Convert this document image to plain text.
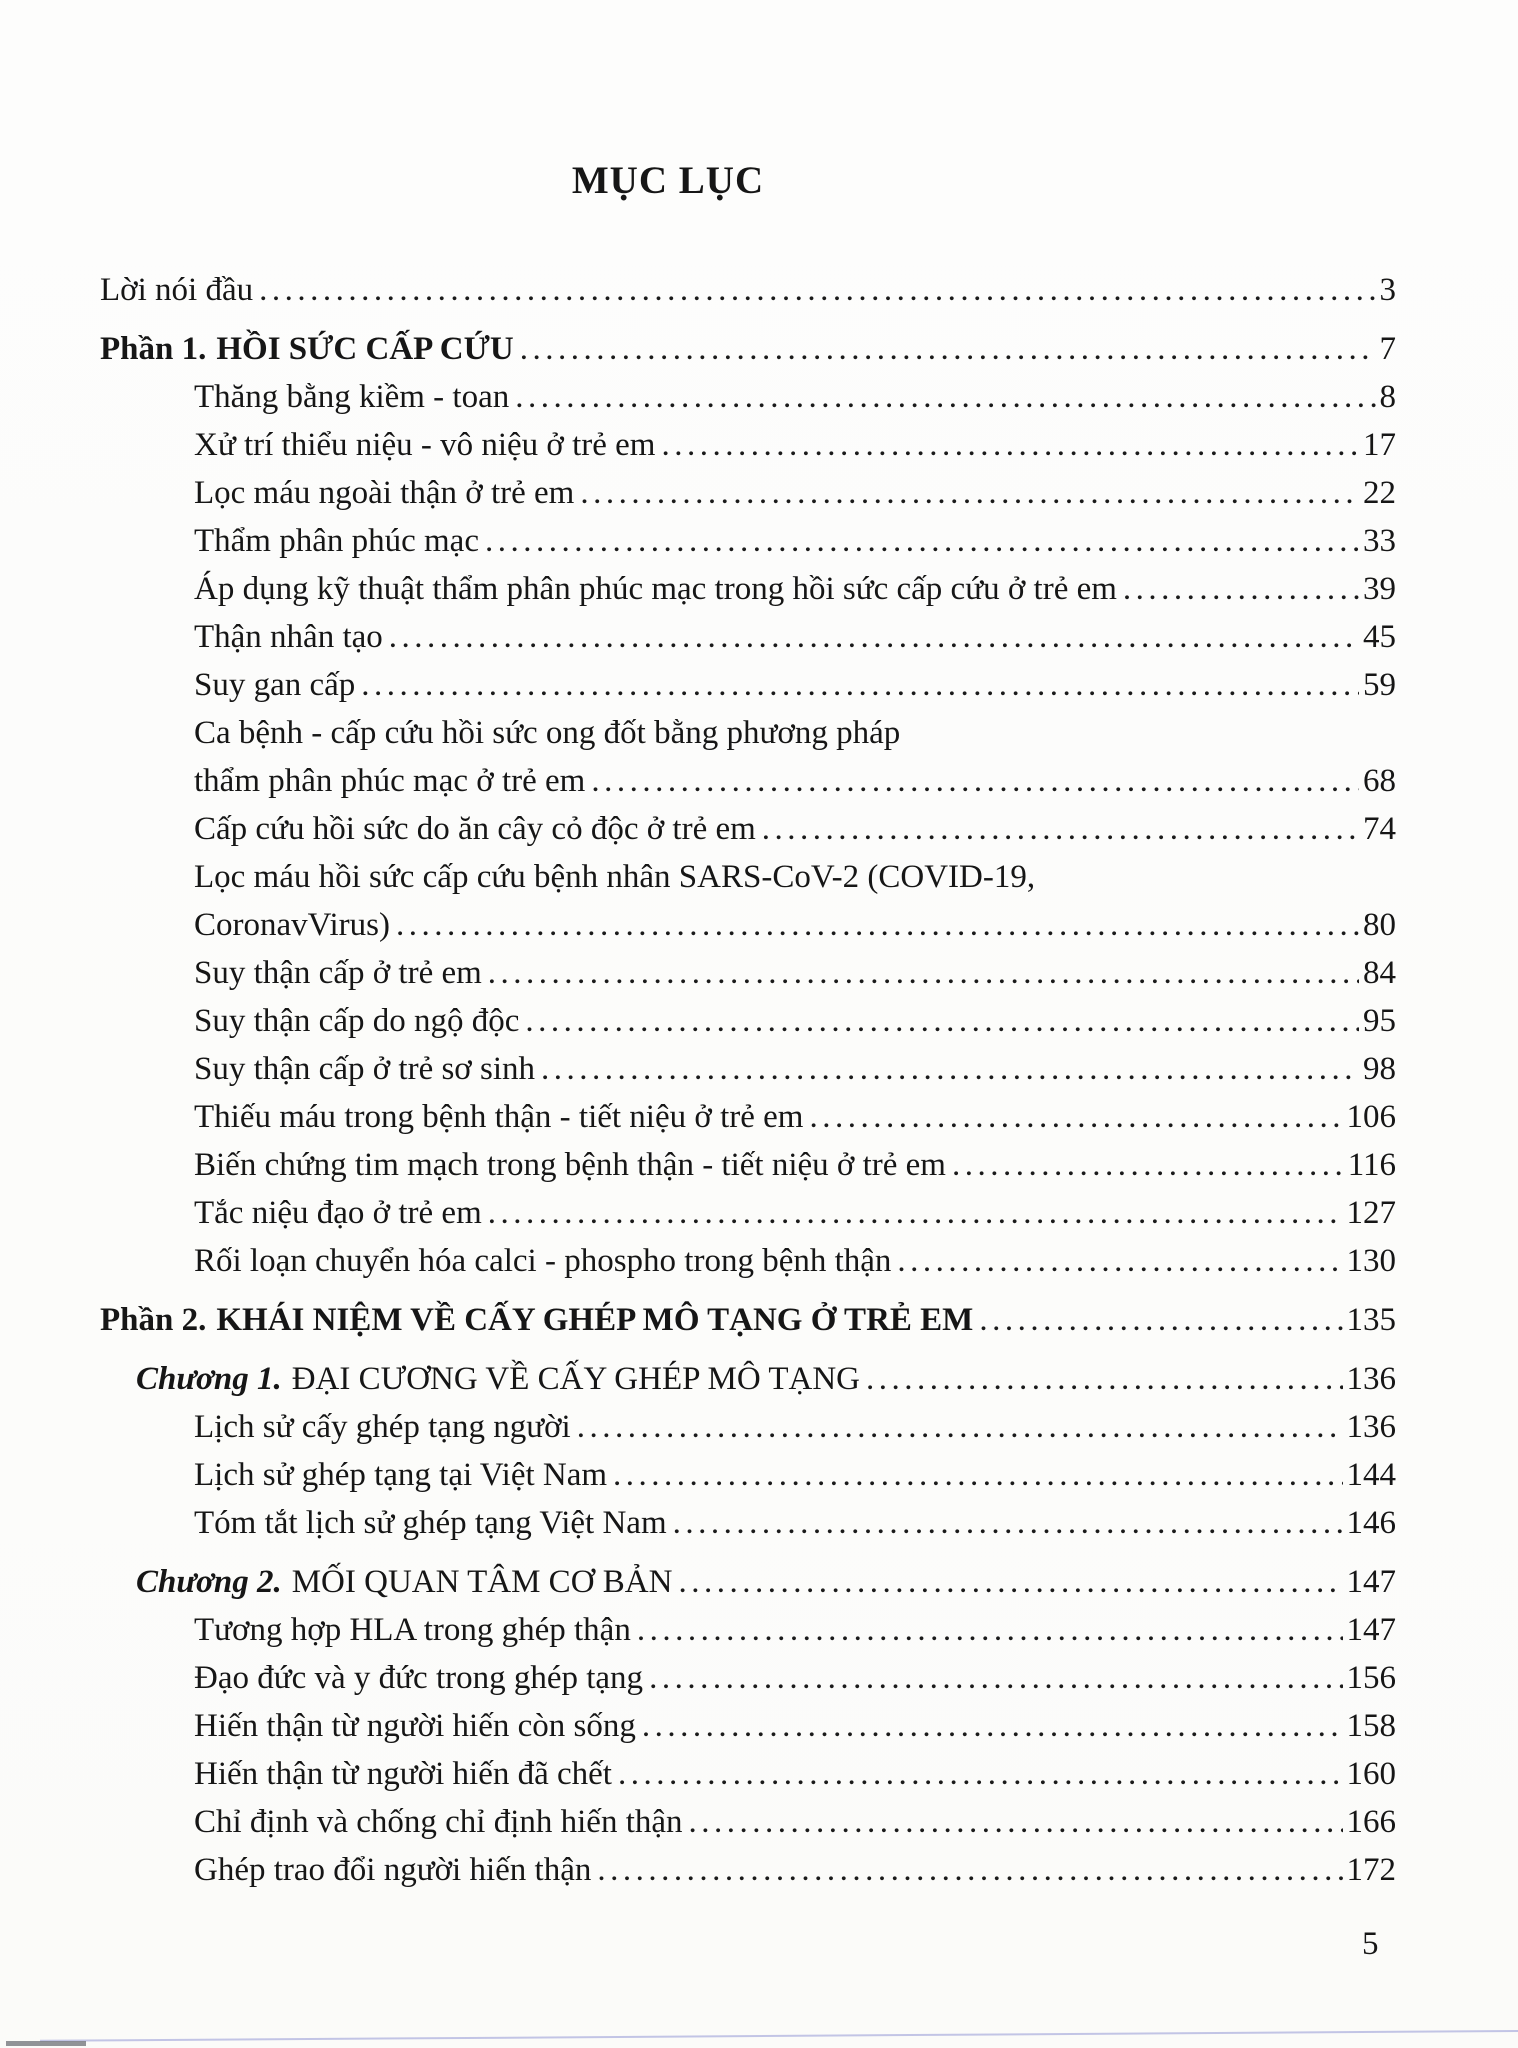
MỤC LỤC
Lời nói đầu .....	3
Phần 1. HỒI SỨC CẤP CỨU .....	7
Thăng bằng kiềm - toan .....	8
Xử trí thiểu niệu - vô niệu ở trẻ em .....	17
Lọc máu ngoài thận ở trẻ em .....	22
Thẩm phân phúc mạc .....	33
Áp dụng kỹ thuật thẩm phân phúc mạc trong hồi sức cấp cứu ở trẻ em .....	39
Thận nhân tạo .....	45
Suy gan cấp .....	59
Ca bệnh - cấp cứu hồi sức ong đốt bằng phương pháp
thẩm phân phúc mạc ở trẻ em .....	68
Cấp cứu hồi sức do ăn cây cỏ độc ở trẻ em .....	74
Lọc máu hồi sức cấp cứu bệnh nhân SARS-CoV-2 (COVID-19,
CoronavVirus) .....	80
Suy thận cấp ở trẻ em .....	84
Suy thận cấp do ngộ độc .....	95
Suy thận cấp ở trẻ sơ sinh .....	98
Thiếu máu trong bệnh thận - tiết niệu ở trẻ em .....	106
Biến chứng tim mạch trong bệnh thận - tiết niệu ở trẻ em .....	116
Tắc niệu đạo ở trẻ em .....	127
Rối loạn chuyển hóa calci - phospho trong bệnh thận .....	130
Phần 2. KHÁI NIỆM VỀ CẤY GHÉP MÔ TẠNG Ở TRẺ EM .....	135
Chương 1. ĐẠI CƯƠNG VỀ CẤY GHÉP MÔ TẠNG .....	136
Lịch sử cấy ghép tạng người .....	136
Lịch sử ghép tạng tại Việt Nam .....	144
Tóm tắt lịch sử ghép tạng Việt Nam .....	146
Chương 2. MỐI QUAN TÂM CƠ BẢN .....	147
Tương hợp HLA trong ghép thận .....	147
Đạo đức và y đức trong ghép tạng .....	156
Hiến thận từ người hiến còn sống .....	158
Hiến thận từ người hiến đã chết .....	160
Chỉ định và chống chỉ định hiến thận .....	166
Ghép trao đổi người hiến thận .....	172
5
